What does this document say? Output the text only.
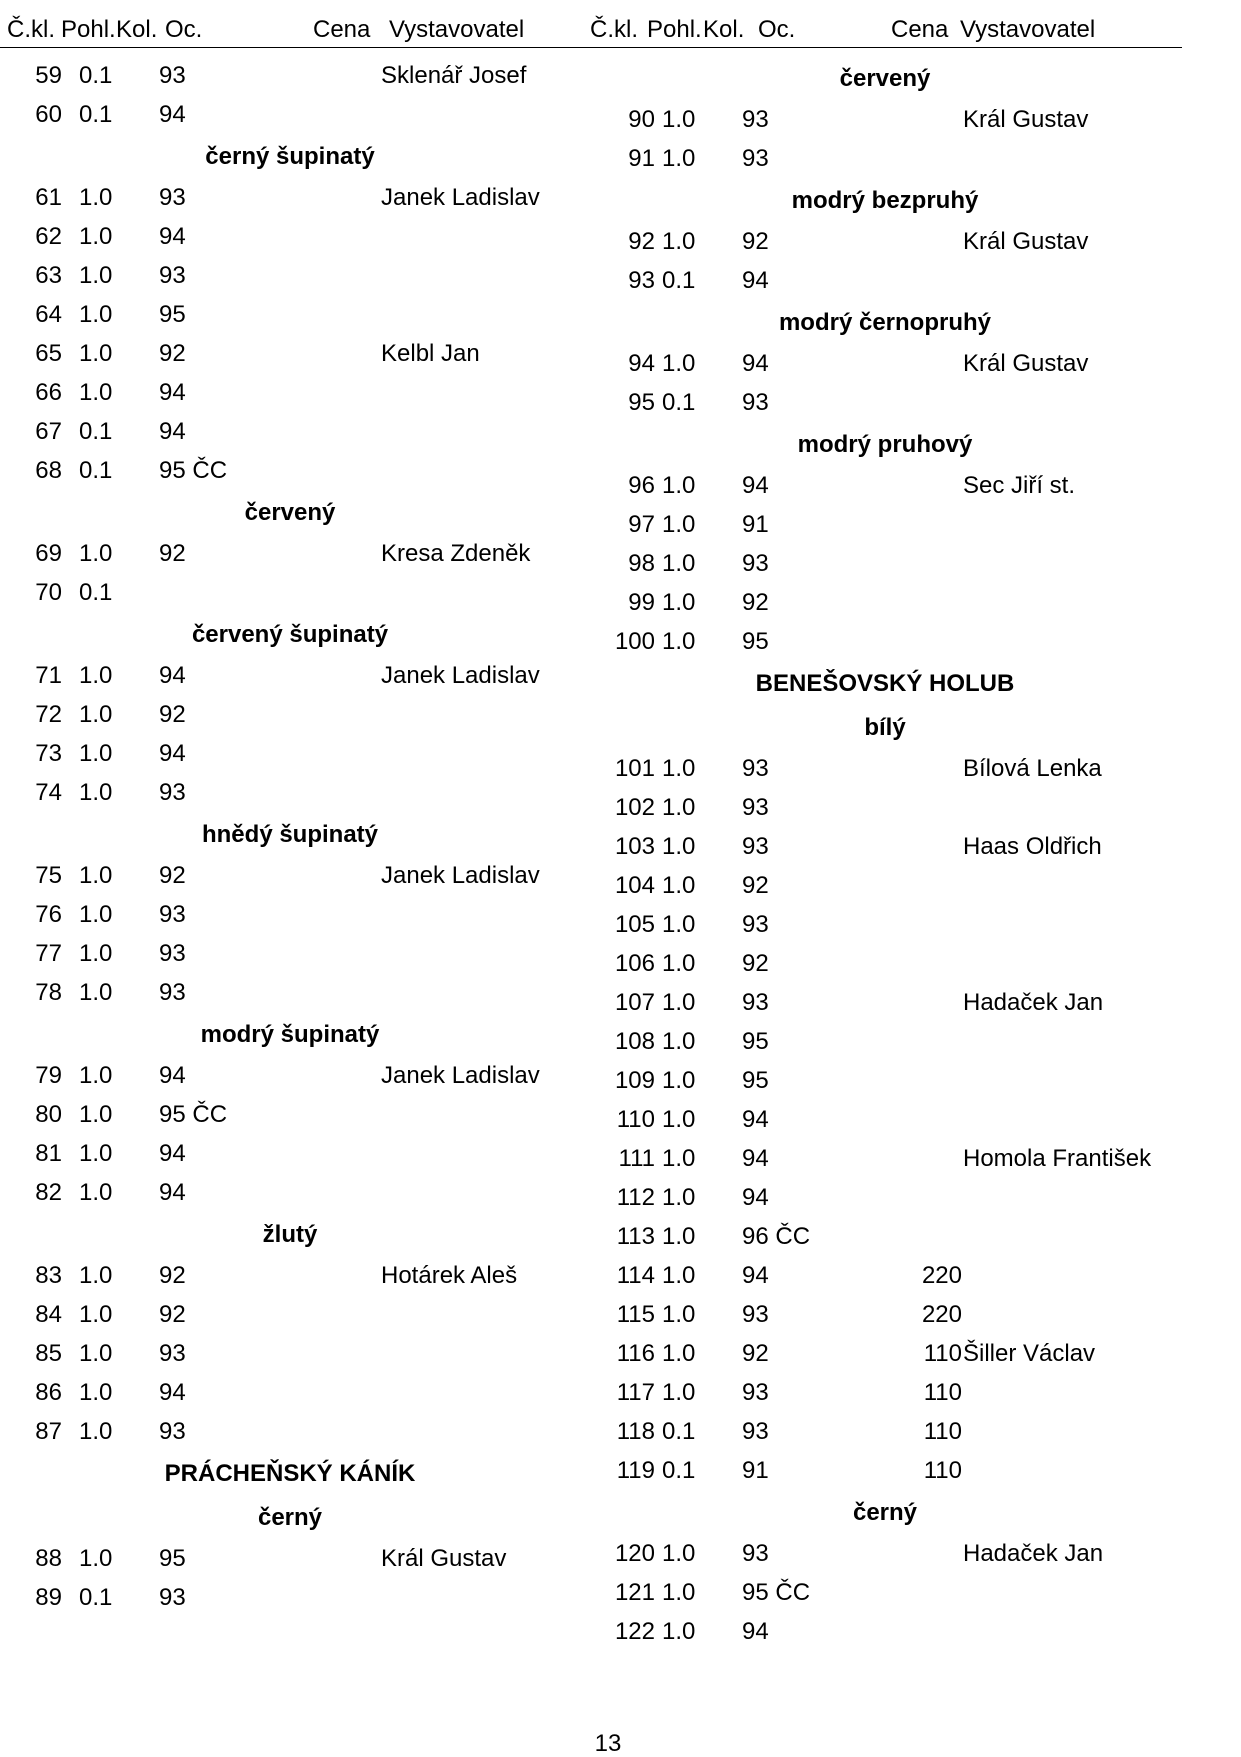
Č.kl. Pohl. Kol. Oc.	Cena Vystavovatel	Č.kl. Pohl. Kol. Oc.	Cena Vystavovatel
59 0.1 93	Sklenář Josef
60 0.1 94
černý šupinatý
61 1.0 93	Janek Ladislav
62 1.0 94
63 1.0 93
64 1.0 95
65 1.0 92	Kelbl Jan
66 1.0 94
67 0.1 94
68 0.1 95 ČC
červený
69 1.0 92	Kresa Zdeněk
70 0.1
červený šupinatý
71 1.0 94	Janek Ladislav
72 1.0 92
73 1.0 94
74 1.0 93
hnědý šupinatý
75 1.0 92	Janek Ladislav
76 1.0 93
77 1.0 93
78 1.0 93
modrý šupinatý
79 1.0 94	Janek Ladislav
80 1.0 95 ČC
81 1.0 94
82 1.0 94
žlutý
83 1.0 92	Hotárek Aleš
84 1.0 92
85 1.0 93
86 1.0 94
87 1.0 93
PRÁCHEŇSKÝ KÁNÍK
černý
88 1.0 95	Král Gustav
89 0.1 93
červený
90 1.0 93	Král Gustav
91 1.0 93
modrý bezpruhý
92 1.0 92	Král Gustav
93 0.1 94
modrý černopruhý
94 1.0 94	Král Gustav
95 0.1 93
modrý pruhový
96 1.0 94	Sec Jiří st.
97 1.0 91
98 1.0 93
99 1.0 92
100 1.0 95
BENEŠOVSKÝ HOLUB
bílý
101 1.0 93	Bílová Lenka
102 1.0 93
103 1.0 93	Haas Oldřich
104 1.0 92
105 1.0 93
106 1.0 92
107 1.0 93	Hadaček Jan
108 1.0 95
109 1.0 95
110 1.0 94
111 1.0 94	Homola František
112 1.0 94
113 1.0 96 ČC
114 1.0 94	220
115 1.0 93	220
116 1.0 92	110 Šiller Václav
117 1.0 93	110
118 0.1 93	110
119 0.1 91	110
černý
120 1.0 93	Hadaček Jan
121 1.0 95 ČC
122 1.0 94
13
